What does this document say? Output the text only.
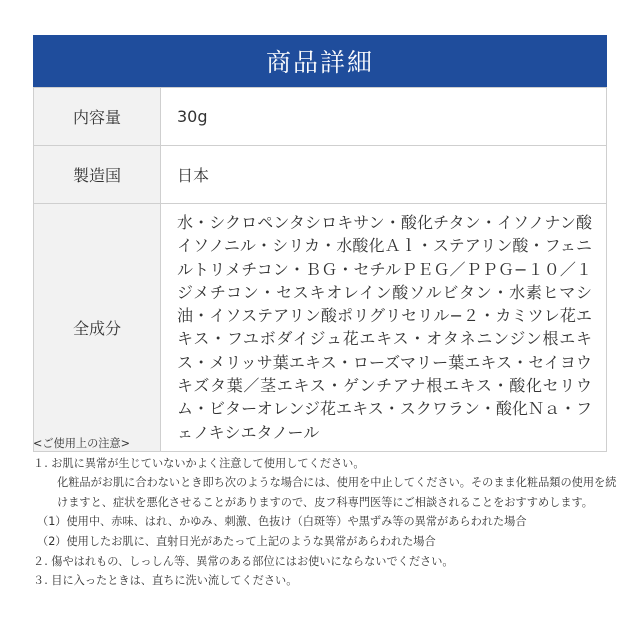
商品詳細
内容量	30g
製造国	日本
全成分	水・シクロペンタシロキサン・酸化チタン・イソノナン酸イソノニル・シリカ・水酸化Ａｌ・ステアリン酸・フェニルトリメチコン・ＢＧ・セチルＰＥＧ／ＰＰＧ−１０／１ジメチコン・セスキオレイン酸ソルビタン・水素ヒマシ油・イソステアリン酸ポリグリセリル−２・カミツレ花エキス・フユボダイジュ花エキス・オタネニンジン根エキス・メリッサ葉エキス・ローズマリー葉エキス・セイヨウキズタ葉／茎エキス・ゲンチアナ根エキス・酸化セリウム・ビターオレンジ花エキス・スクワラン・酸化Ｎａ・フェノキシエタノール
<ご使用上の注意>
１. お肌に異常が生じていないかよく注意して使用してください。
化粧品がお肌に合わないとき即ち次のような場合には、使用を中止してください。そのまま化粧品類の使用を続けますと、症状を悪化させることがありますので、皮フ科専門医等にご相談されることをおすすめします。
（1）使用中、赤味、はれ、かゆみ、刺激、色抜け（白斑等）や黒ずみ等の異常があらわれた場合
（2）使用したお肌に、直射日光があたって上記のような異常があらわれた場合
２. 傷やはれもの、しっしん等、異常のある部位にはお使いにならないでください。
３. 目に入ったときは、直ちに洗い流してください。
